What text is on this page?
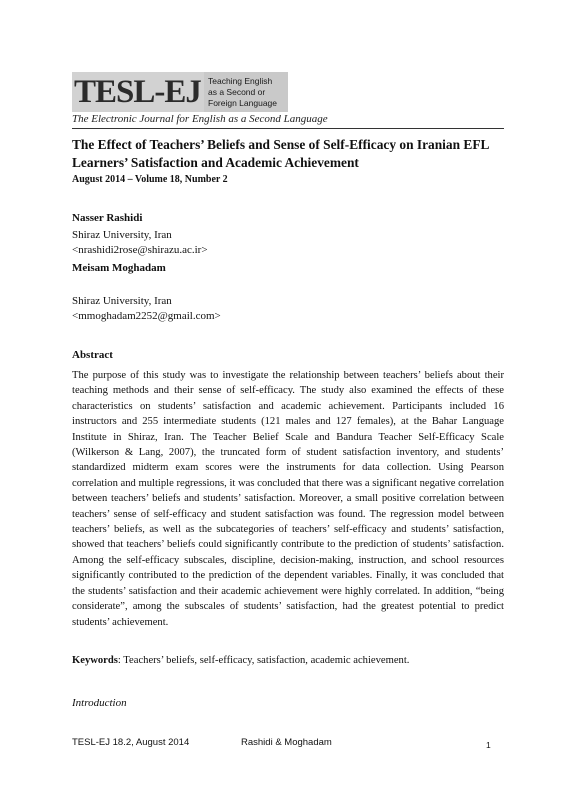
TESL-EJ Teaching English
as a Second or
Foreign Language
The Electronic Journal for English as a Second Language
The Effect of Teachers’ Beliefs and Sense of Self-Efficacy on Iranian EFL Learners’ Satisfaction and Academic Achievement
August 2014 – Volume 18, Number 2
Nasser Rashidi
Shiraz University, Iran
<nrashidi2rose@shirazu.ac.ir>
Meisam Moghadam
Shiraz University, Iran
<mmoghadam2252@gmail.com>
Abstract

The purpose of this study was to investigate the relationship between teachers’ beliefs about their teaching methods and their sense of self-efficacy. The study also examined the effects of these characteristics on students’ satisfaction and academic achievement. Participants included 16 instructors and 255 intermediate students (121 males and 127 females), at the Bahar Language Institute in Shiraz, Iran. The Teacher Belief Scale and Bandura Teacher Self-Efficacy Scale (Wilkerson & Lang, 2007), the truncated form of student satisfaction inventory, and students’ standardized midterm exam scores were the instruments for data collection. Using Pearson correlation and multiple regressions, it was concluded that there was a significant negative correlation between teachers’ beliefs and students’ satisfaction. Moreover, a small positive correlation between teachers’ sense of self-efficacy and student satisfaction was found. The regression model between teachers’ beliefs, as well as the subcategories of teachers’ self-efficacy and students’ satisfaction, showed that teachers’ beliefs could significantly contribute to the prediction of students’ satisfaction. Among the self-efficacy subscales, discipline, decision-making, instruction, and school resources significantly contributed to the prediction of the dependent variables. Finally, it was concluded that the students’ satisfaction and their academic achievement were highly correlated. In addition, “being considerate”, among the subscales of students’ satisfaction, had the greatest potential to predict students’ achievement.

Keywords: Teachers’ beliefs, self-efficacy, satisfaction, academic achievement.
Introduction
TESL-EJ 18.2, August 2014	Rashidi & Moghadam	1
